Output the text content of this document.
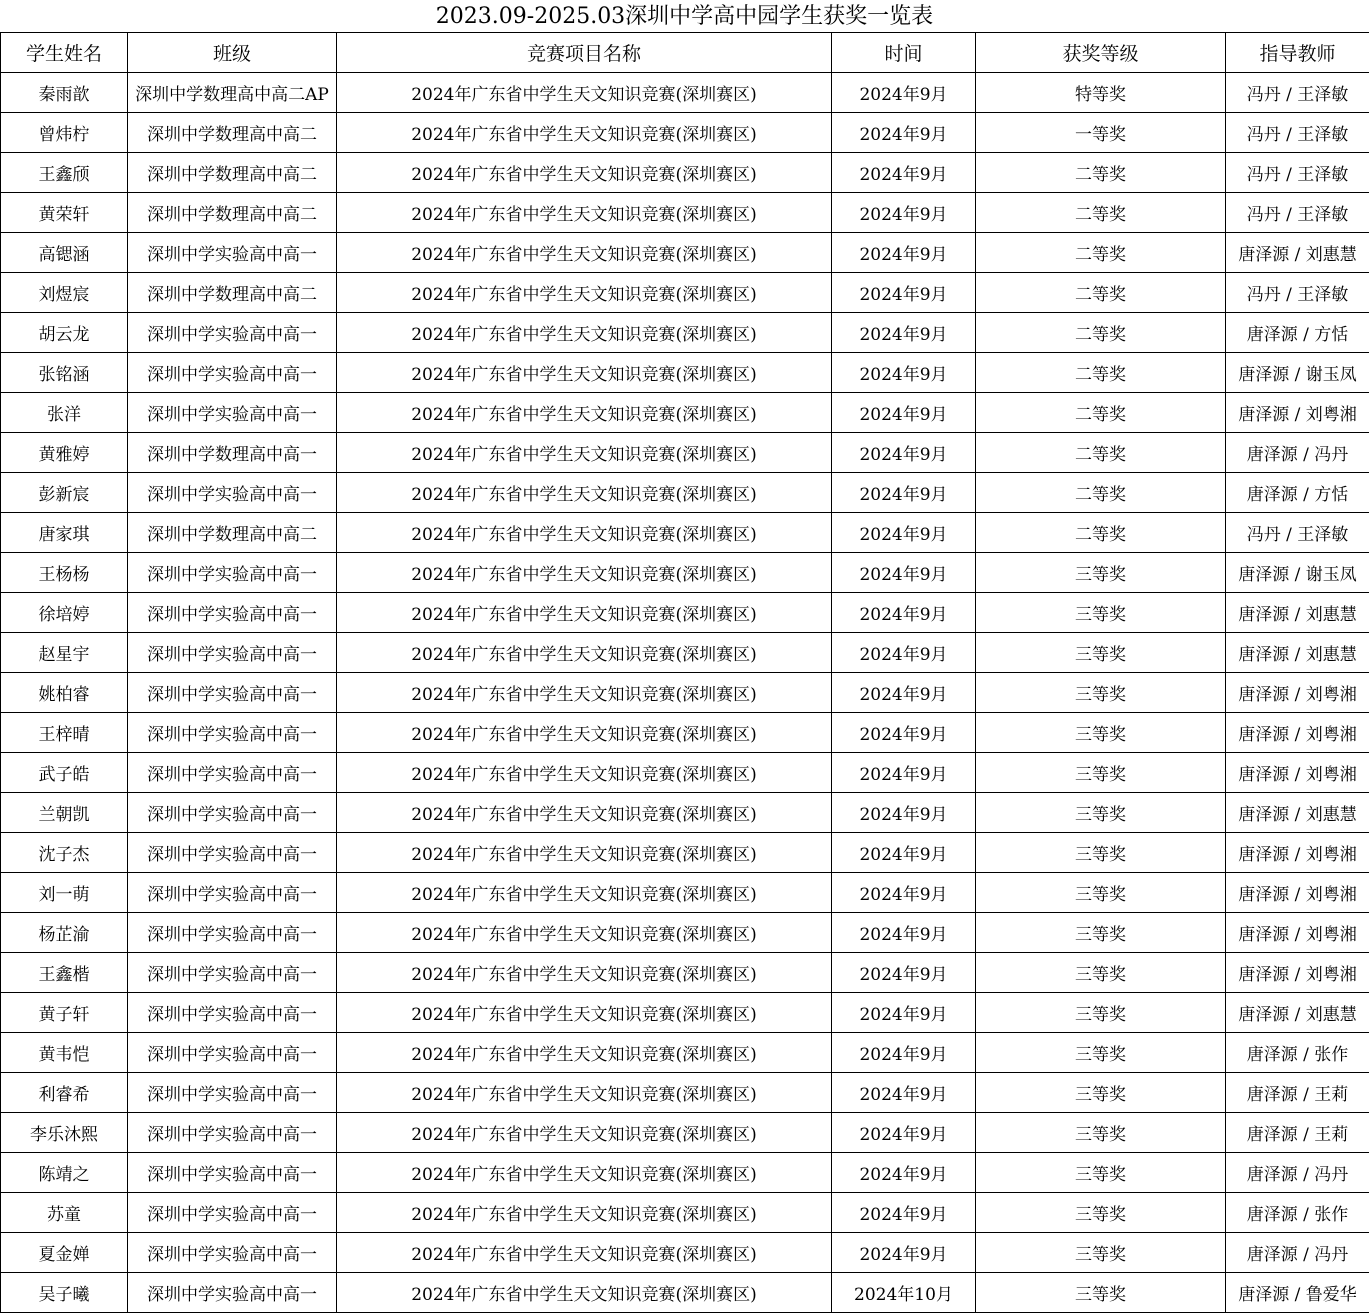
2023.09-2025.03深圳中学高中园学生获奖一览表
学生姓名	班级	竞赛项目名称	时间	获奖等级	指导教师
秦雨歆	深圳中学数理高中高二AP	2024年广东省中学生天文知识竞赛(深圳赛区)	2024年9月	特等奖	冯丹 / 王泽敏
曾炜柠	深圳中学数理高中高二	2024年广东省中学生天文知识竞赛(深圳赛区)	2024年9月	一等奖	冯丹 / 王泽敏
王鑫颀	深圳中学数理高中高二	2024年广东省中学生天文知识竞赛(深圳赛区)	2024年9月	二等奖	冯丹 / 王泽敏
黄荣轩	深圳中学数理高中高二	2024年广东省中学生天文知识竞赛(深圳赛区)	2024年9月	二等奖	冯丹 / 王泽敏
高锶涵	深圳中学实验高中高一	2024年广东省中学生天文知识竞赛(深圳赛区)	2024年9月	二等奖	唐泽源 / 刘惠慧
刘煜宸	深圳中学数理高中高二	2024年广东省中学生天文知识竞赛(深圳赛区)	2024年9月	二等奖	冯丹 / 王泽敏
胡云龙	深圳中学实验高中高一	2024年广东省中学生天文知识竞赛(深圳赛区)	2024年9月	二等奖	唐泽源 / 方恬
张铭涵	深圳中学实验高中高一	2024年广东省中学生天文知识竞赛(深圳赛区)	2024年9月	二等奖	唐泽源 / 谢玉凤
张洋	深圳中学实验高中高一	2024年广东省中学生天文知识竞赛(深圳赛区)	2024年9月	二等奖	唐泽源 / 刘粤湘
黄雅婷	深圳中学数理高中高一	2024年广东省中学生天文知识竞赛(深圳赛区)	2024年9月	二等奖	唐泽源 / 冯丹
彭新宸	深圳中学实验高中高一	2024年广东省中学生天文知识竞赛(深圳赛区)	2024年9月	二等奖	唐泽源 / 方恬
唐家琪	深圳中学数理高中高二	2024年广东省中学生天文知识竞赛(深圳赛区)	2024年9月	二等奖	冯丹 / 王泽敏
王杨杨	深圳中学实验高中高一	2024年广东省中学生天文知识竞赛(深圳赛区)	2024年9月	三等奖	唐泽源 / 谢玉凤
徐培婷	深圳中学实验高中高一	2024年广东省中学生天文知识竞赛(深圳赛区)	2024年9月	三等奖	唐泽源 / 刘惠慧
赵星宇	深圳中学实验高中高一	2024年广东省中学生天文知识竞赛(深圳赛区)	2024年9月	三等奖	唐泽源 / 刘惠慧
姚柏睿	深圳中学实验高中高一	2024年广东省中学生天文知识竞赛(深圳赛区)	2024年9月	三等奖	唐泽源 / 刘粤湘
王梓晴	深圳中学实验高中高一	2024年广东省中学生天文知识竞赛(深圳赛区)	2024年9月	三等奖	唐泽源 / 刘粤湘
武子皓	深圳中学实验高中高一	2024年广东省中学生天文知识竞赛(深圳赛区)	2024年9月	三等奖	唐泽源 / 刘粤湘
兰朝凯	深圳中学实验高中高一	2024年广东省中学生天文知识竞赛(深圳赛区)	2024年9月	三等奖	唐泽源 / 刘惠慧
沈子杰	深圳中学实验高中高一	2024年广东省中学生天文知识竞赛(深圳赛区)	2024年9月	三等奖	唐泽源 / 刘粤湘
刘一萌	深圳中学实验高中高一	2024年广东省中学生天文知识竞赛(深圳赛区)	2024年9月	三等奖	唐泽源 / 刘粤湘
杨芷渝	深圳中学实验高中高一	2024年广东省中学生天文知识竞赛(深圳赛区)	2024年9月	三等奖	唐泽源 / 刘粤湘
王鑫楷	深圳中学实验高中高一	2024年广东省中学生天文知识竞赛(深圳赛区)	2024年9月	三等奖	唐泽源 / 刘粤湘
黄子轩	深圳中学实验高中高一	2024年广东省中学生天文知识竞赛(深圳赛区)	2024年9月	三等奖	唐泽源 / 刘惠慧
黄韦恺	深圳中学实验高中高一	2024年广东省中学生天文知识竞赛(深圳赛区)	2024年9月	三等奖	唐泽源 / 张作
利睿希	深圳中学实验高中高一	2024年广东省中学生天文知识竞赛(深圳赛区)	2024年9月	三等奖	唐泽源 / 王莉
李乐沐熙	深圳中学实验高中高一	2024年广东省中学生天文知识竞赛(深圳赛区)	2024年9月	三等奖	唐泽源 / 王莉
陈靖之	深圳中学实验高中高一	2024年广东省中学生天文知识竞赛(深圳赛区)	2024年9月	三等奖	唐泽源 / 冯丹
苏童	深圳中学实验高中高一	2024年广东省中学生天文知识竞赛(深圳赛区)	2024年9月	三等奖	唐泽源 / 张作
夏金婵	深圳中学实验高中高一	2024年广东省中学生天文知识竞赛(深圳赛区)	2024年9月	三等奖	唐泽源 / 冯丹
吴子曦	深圳中学实验高中高一	2024年广东省中学生天文知识竞赛(深圳赛区)	2024年10月	三等奖	唐泽源 / 鲁爱华
